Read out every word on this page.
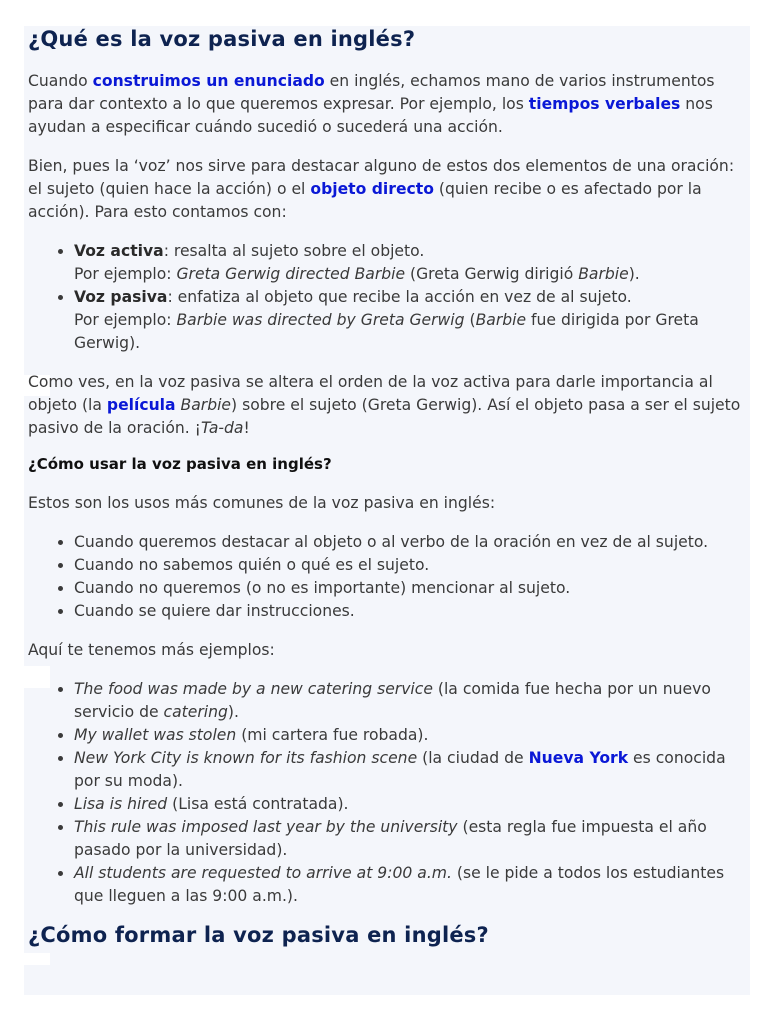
¿Qué es la voz pasiva en inglés?

Cuando construimos un enunciado en inglés, echamos mano de varios instrumentos para dar contexto a lo que queremos expresar. Por ejemplo, los tiempos verbales nos ayudan a especificar cuándo sucedió o sucederá una acción.

Bien, pues la ‘voz’ nos sirve para destacar alguno de estos dos elementos de una oración: el sujeto (quien hace la acción) o el objeto directo (quien recibe o es afectado por la acción). Para esto contamos con:

• Voz activa: resalta al sujeto sobre el objeto.
Por ejemplo: Greta Gerwig directed Barbie (Greta Gerwig dirigió Barbie).
• Voz pasiva: enfatiza al objeto que recibe la acción en vez de al sujeto.
Por ejemplo: Barbie was directed by Greta Gerwig (Barbie fue dirigida por Greta Gerwig).

Como ves, en la voz pasiva se altera el orden de la voz activa para darle importancia al objeto (la película Barbie) sobre el sujeto (Greta Gerwig). Así el objeto pasa a ser el sujeto pasivo de la oración. ¡Ta-da!

¿Cómo usar la voz pasiva en inglés?

Estos son los usos más comunes de la voz pasiva en inglés:

• Cuando queremos destacar al objeto o al verbo de la oración en vez de al sujeto.
• Cuando no sabemos quién o qué es el sujeto.
• Cuando no queremos (o no es importante) mencionar al sujeto.
• Cuando se quiere dar instrucciones.

Aquí te tenemos más ejemplos:

• The food was made by a new catering service (la comida fue hecha por un nuevo servicio de catering).
• My wallet was stolen (mi cartera fue robada).
• New York City is known for its fashion scene (la ciudad de Nueva York es conocida por su moda).
• Lisa is hired (Lisa está contratada).
• This rule was imposed last year by the university (esta regla fue impuesta el año pasado por la universidad).
• All students are requested to arrive at 9:00 a.m. (se le pide a todos los estudiantes que lleguen a las 9:00 a.m.).
¿Cómo formar la voz pasiva en inglés?
